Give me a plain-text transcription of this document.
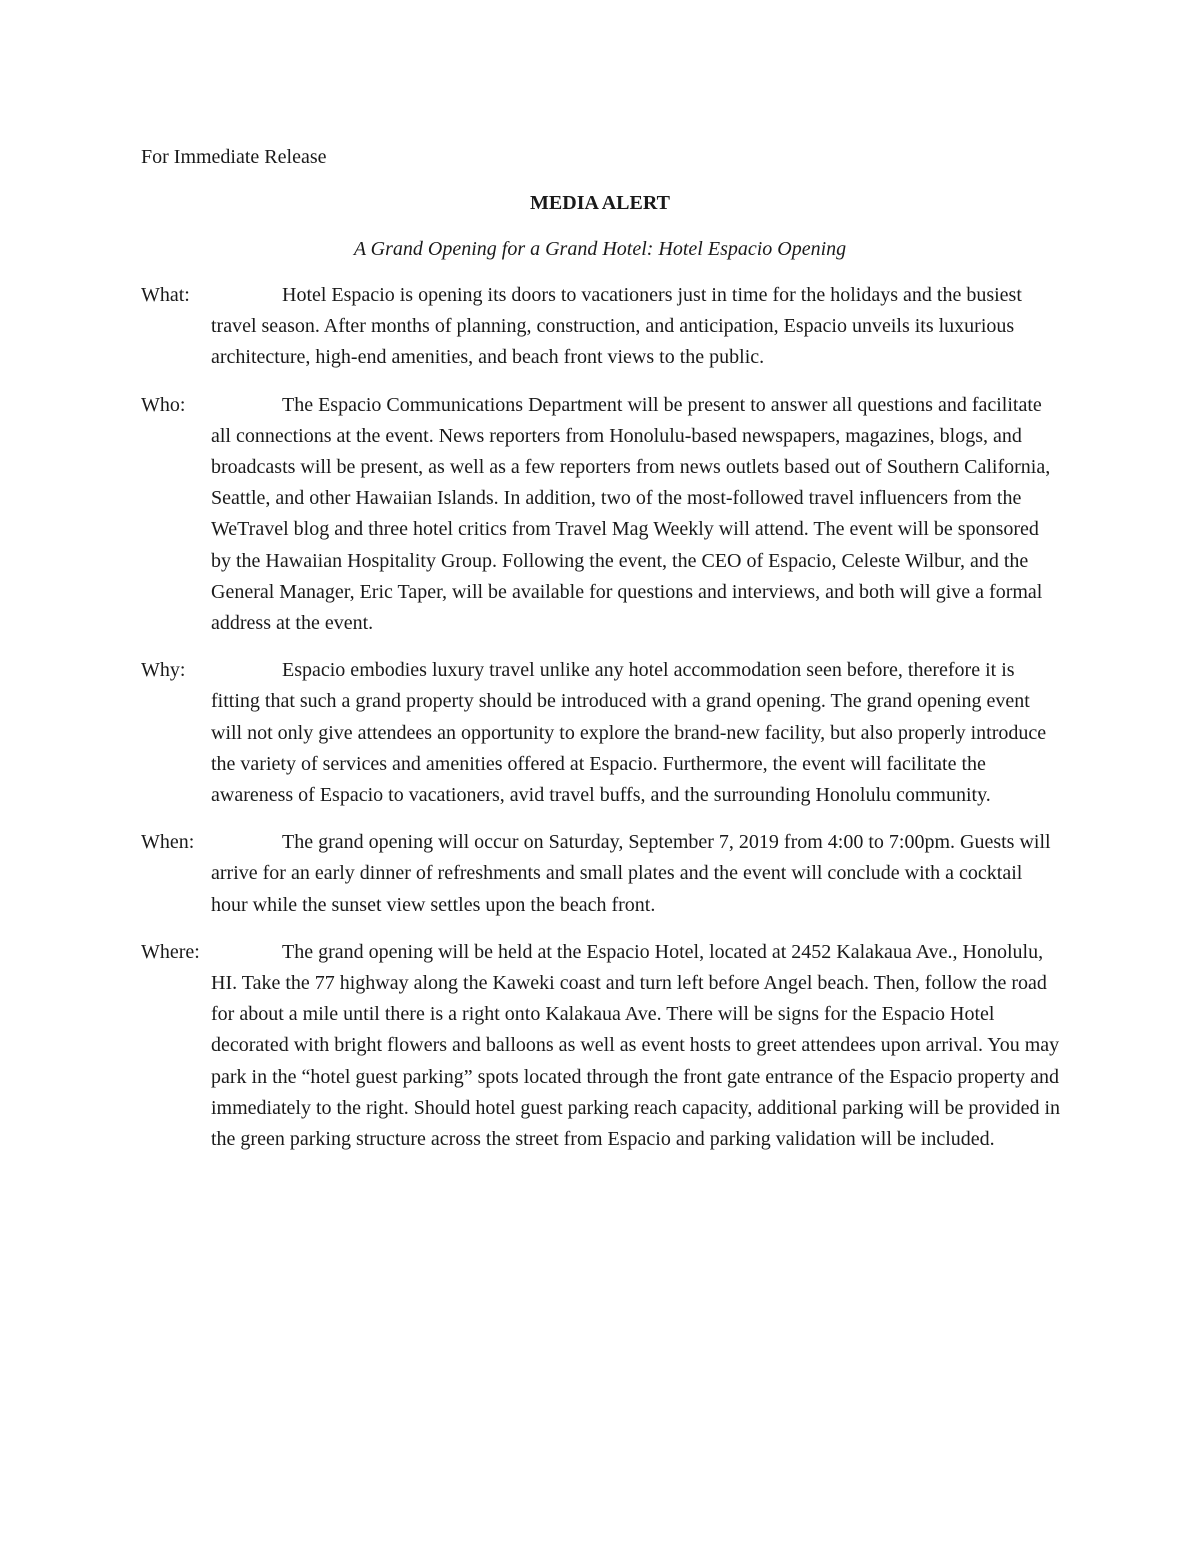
For Immediate Release
MEDIA ALERT
A Grand Opening for a Grand Hotel: Hotel Espacio Opening
What:	Hotel Espacio is opening its doors to vacationers just in time for the holidays and the busiest travel season. After months of planning, construction, and anticipation, Espacio unveils its luxurious architecture, high-end amenities, and beach front views to the public.

Who:	The Espacio Communications Department will be present to answer all questions and facilitate all connections at the event. News reporters from Honolulu-based newspapers, magazines, blogs, and broadcasts will be present, as well as a few reporters from news outlets based out of Southern California, Seattle, and other Hawaiian Islands. In addition, two of the most-followed travel influencers from the WeTravel blog and three hotel critics from Travel Mag Weekly will attend. The event will be sponsored by the Hawaiian Hospitality Group. Following the event, the CEO of Espacio, Celeste Wilbur, and the General Manager, Eric Taper, will be available for questions and interviews, and both will give a formal address at the event.

Why:	Espacio embodies luxury travel unlike any hotel accommodation seen before, therefore it is fitting that such a grand property should be introduced with a grand opening. The grand opening event will not only give attendees an opportunity to explore the brand-new facility, but also properly introduce the variety of services and amenities offered at Espacio. Furthermore, the event will facilitate the awareness of Espacio to vacationers, avid travel buffs, and the surrounding Honolulu community.

When:	The grand opening will occur on Saturday, September 7, 2019 from 4:00 to 7:00pm. Guests will arrive for an early dinner of refreshments and small plates and the event will conclude with a cocktail hour while the sunset view settles upon the beach front.

Where:	The grand opening will be held at the Espacio Hotel, located at 2452 Kalakaua Ave., Honolulu, HI. Take the 77 highway along the Kaweki coast and turn left before Angel beach. Then, follow the road for about a mile until there is a right onto Kalakaua Ave. There will be signs for the Espacio Hotel decorated with bright flowers and balloons as well as event hosts to greet attendees upon arrival. You may park in the “hotel guest parking” spots located through the front gate entrance of the Espacio property and immediately to the right. Should hotel guest parking reach capacity, additional parking will be provided in the green parking structure across the street from Espacio and parking validation will be included.
